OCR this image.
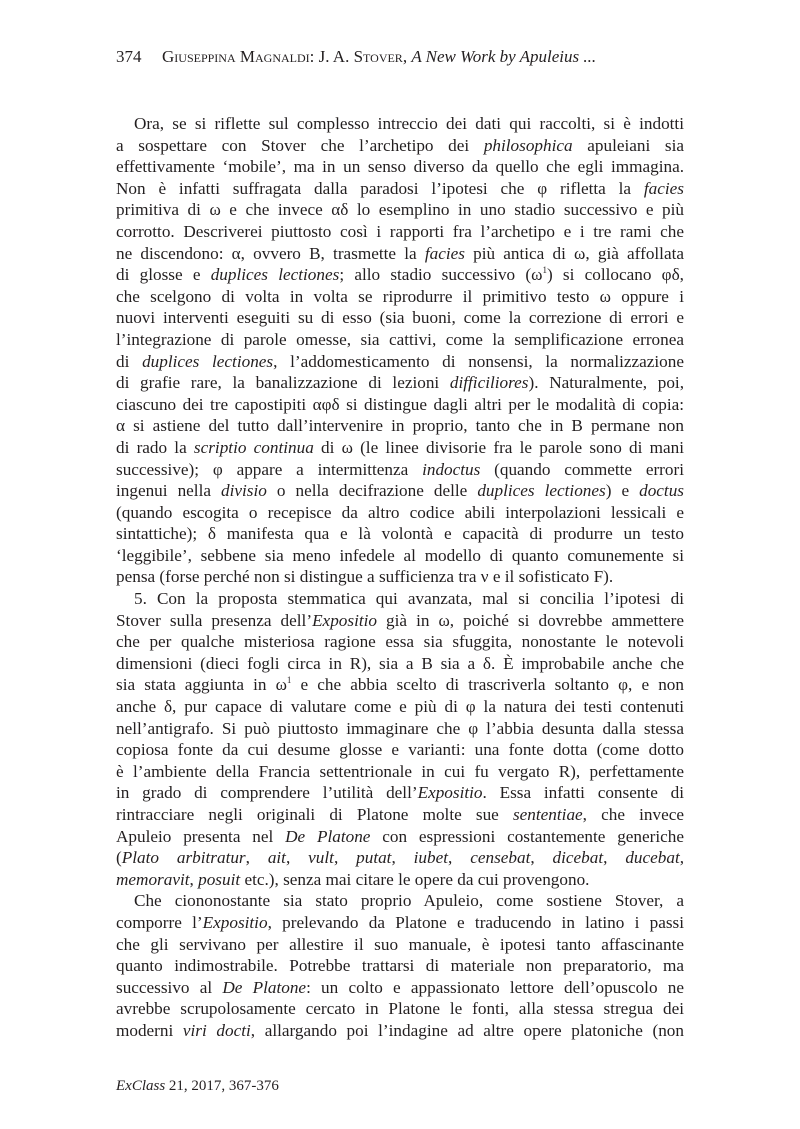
374 Giuseppina Magnaldi: J. A. Stover, A New Work by Apuleius ...
Ora, se si riflette sul complesso intreccio dei dati qui raccolti, si è indotti
a sospettare con Stover che l’archetipo dei philosophica apuleiani sia
effettivamente ‘mobile’, ma in un senso diverso da quello che egli immagina.
Non è infatti suffragata dalla paradosi l’ipotesi che φ rifletta la facies
primitiva di ω e che invece αδ lo esemplino in uno stadio successivo e più
corrotto. Descriverei piuttosto così i rapporti fra l’archetipo e i tre rami che
ne discendono: α, ovvero B, trasmette la facies più antica di ω, già affollata
di glosse e duplices lectiones; allo stadio successivo $(\omega^1)$ si collocano φδ,
che scelgono di volta in volta se riprodurre il primitivo testo ω oppure i
nuovi interventi eseguiti su di esso (sia buoni, come la correzione di errori e
l’integrazione di parole omesse, sia cattivi, come la semplificazione erronea
di duplices lectiones, l’addomesticamento di nonsensi, la normalizzazione
di grafie rare, la banalizzazione di lezioni difficiliores). Naturalmente, poi,
ciascuno dei tre capostipiti αφδ si distingue dagli altri per le modalità di copia:
α si astiene del tutto dall’intervenire in proprio, tanto che in B permane non
di rado la scriptio continua di ω (le linee divisorie fra le parole sono di mani
successive); φ appare a intermittenza indoctus (quando commette errori
ingenui nella divisio o nella decifrazione delle duplices lectiones) e doctus
(quando escogita o recepisce da altro codice abili interpolazioni lessicali e
sintattiche); δ manifesta qua e là volontà e capacità di produrre un testo
‘leggibile’, sebbene sia meno infedele al modello di quanto comunemente si
pensa (forse perché non si distingue a sufficienza tra ν e il sofisticato F).
5. Con la proposta stemmatica qui avanzata, mal si concilia l’ipotesi di
Stover sulla presenza dell’Expositio già in ω, poiché si dovrebbe ammettere
che per qualche misteriosa ragione essa sia sfuggita, nonostante le notevoli
dimensioni (dieci fogli circa in R), sia a B sia a δ. È improbabile anche che
sia stata aggiunta in $\omega^1$ e che abbia scelto di trascriverla soltanto φ, e non
anche δ, pur capace di valutare come e più di φ la natura dei testi contenuti
nell’antigrafo. Si può piuttosto immaginare che φ l’abbia desunta dalla stessa
copiosa fonte da cui desume glosse e varianti: una fonte dotta (come dotto
è l’ambiente della Francia settentrionale in cui fu vergato R), perfettamente
in grado di comprendere l’utilità dell’Expositio. Essa infatti consente di
rintracciare negli originali di Platone molte sue sententiae, che invece
Apuleio presenta nel De Platone con espressioni costantemente generiche
(Plato arbitratur, ait, vult, putat, iubet, censebat, dicebat, ducebat,
memoravit, posuit etc.), senza mai citare le opere da cui provengono.
Che ciononostante sia stato proprio Apuleio, come sostiene Stover, a
comporre l’Expositio, prelevando da Platone e traducendo in latino i passi
che gli servivano per allestire il suo manuale, è ipotesi tanto affascinante
quanto indimostrabile. Potrebbe trattarsi di materiale non preparatorio, ma
successivo al De Platone: un colto e appassionato lettore dell’opuscolo ne
avrebbe scrupolosamente cercato in Platone le fonti, alla stessa stregua dei
moderni viri docti, allargando poi l’indagine ad altre opere platoniche (non
ExClass 21, 2017, 367-376
